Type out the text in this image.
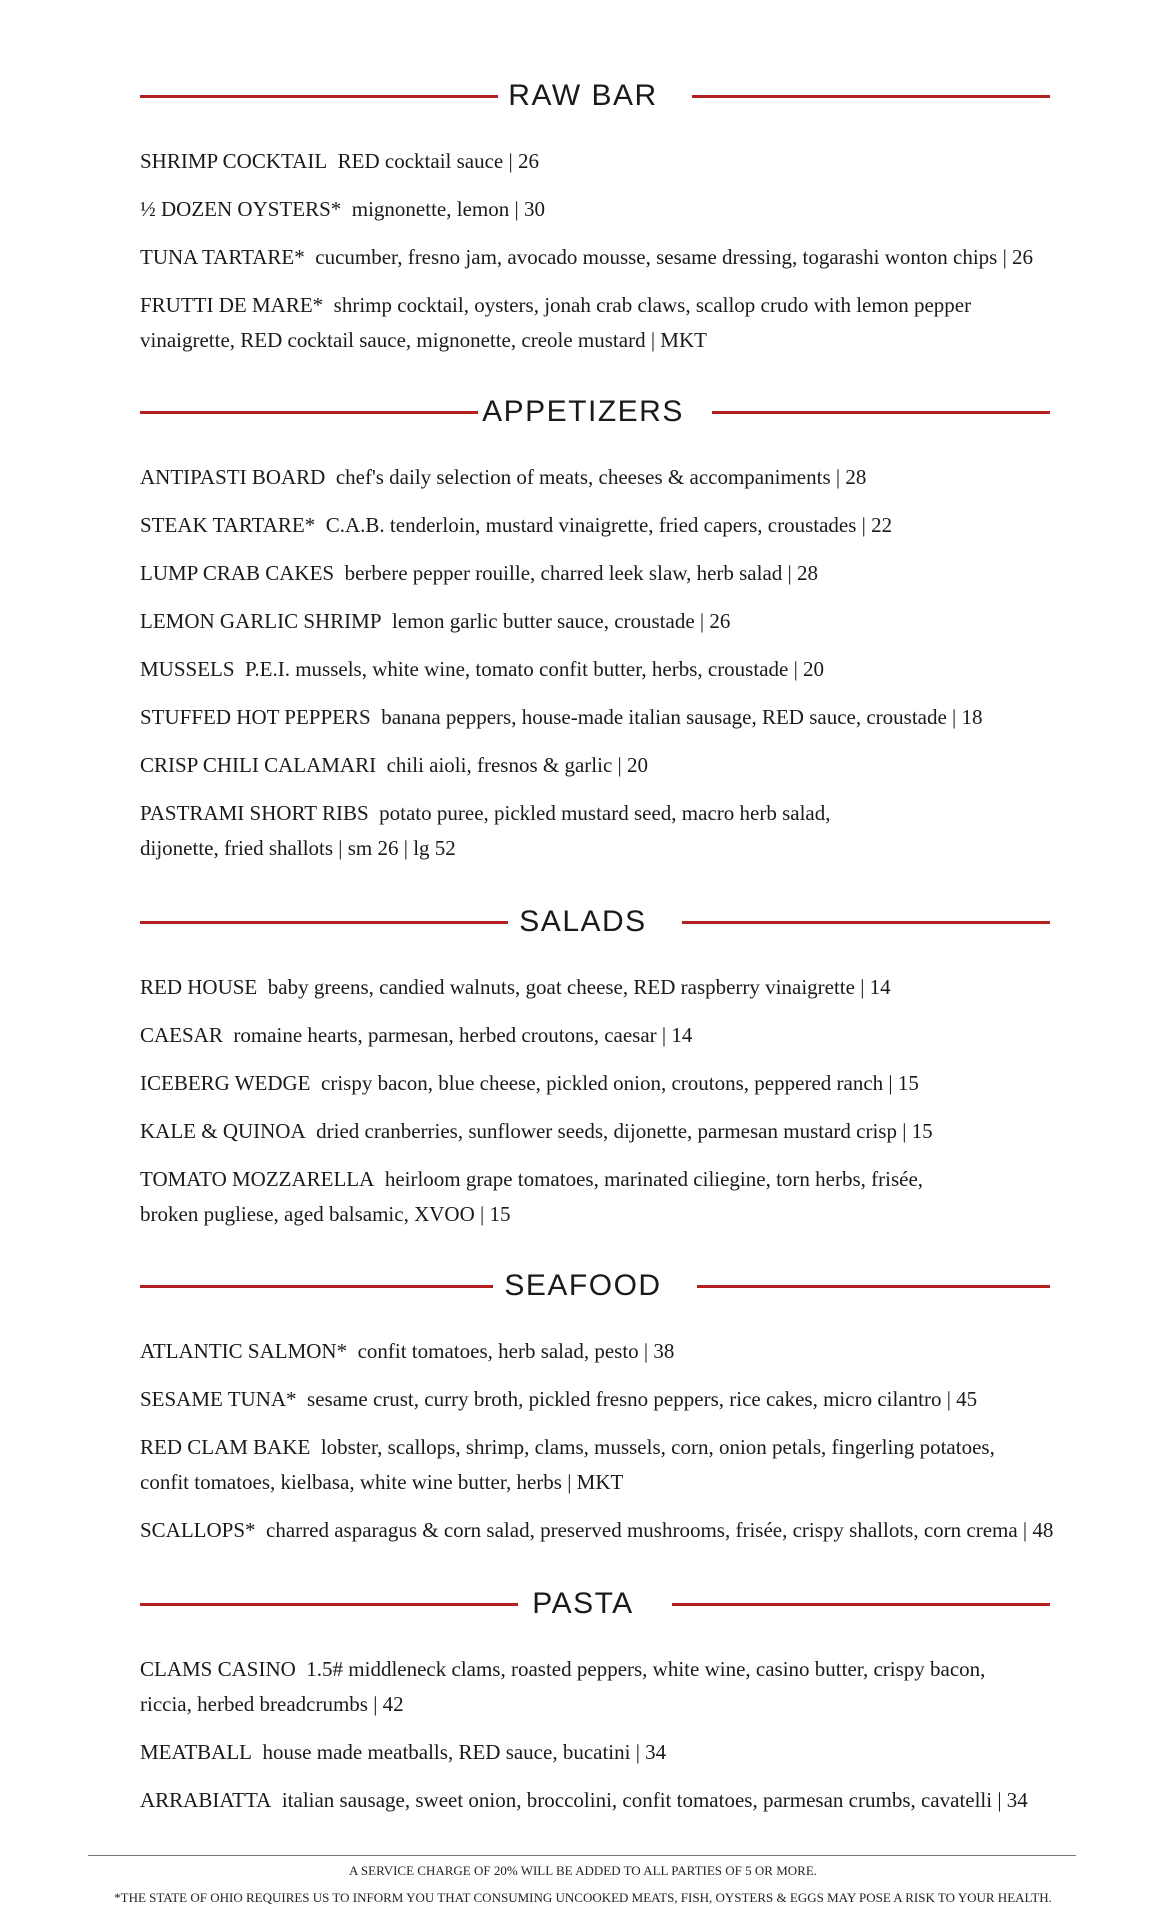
RAW BAR

SHRIMP COCKTAIL RED cocktail sauce | 26

½ DOZEN OYSTERS* mignonette, lemon | 30

TUNA TARTARE* cucumber, fresno jam, avocado mousse, sesame dressing, togarashi wonton chips | 26

FRUTTI DE MARE* shrimp cocktail, oysters, jonah crab claws, scallop crudo with lemon pepper
vinaigrette, RED cocktail sauce, mignonette, creole mustard | MKT

APPETIZERS

ANTIPASTI BOARD chef's daily selection of meats, cheeses & accompaniments | 28

STEAK TARTARE* C.A.B. tenderloin, mustard vinaigrette, fried capers, croustades | 22

LUMP CRAB CAKES berbere pepper rouille, charred leek slaw, herb salad | 28

LEMON GARLIC SHRIMP lemon garlic butter sauce, croustade | 26

MUSSELS P.E.I. mussels, white wine, tomato confit butter, herbs, croustade | 20

STUFFED HOT PEPPERS banana peppers, house-made italian sausage, RED sauce, croustade | 18

CRISP CHILI CALAMARI chili aioli, fresnos & garlic | 20

PASTRAMI SHORT RIBS potato puree, pickled mustard seed, macro herb salad,
dijonette, fried shallots | sm 26 | lg 52

SALADS

RED HOUSE baby greens, candied walnuts, goat cheese, RED raspberry vinaigrette | 14

CAESAR romaine hearts, parmesan, herbed croutons, caesar | 14

ICEBERG WEDGE crispy bacon, blue cheese, pickled onion, croutons, peppered ranch | 15

KALE & QUINOA dried cranberries, sunflower seeds, dijonette, parmesan mustard crisp | 15

TOMATO MOZZARELLA heirloom grape tomatoes, marinated ciliegine, torn herbs, frisée,
broken pugliese, aged balsamic, XVOO | 15

SEAFOOD

ATLANTIC SALMON* confit tomatoes, herb salad, pesto | 38

SESAME TUNA* sesame crust, curry broth, pickled fresno peppers, rice cakes, micro cilantro | 45

RED CLAM BAKE lobster, scallops, shrimp, clams, mussels, corn, onion petals, fingerling potatoes,
confit tomatoes, kielbasa, white wine butter, herbs | MKT

SCALLOPS* charred asparagus & corn salad, preserved mushrooms, frisée, crispy shallots, corn crema | 48

PASTA

CLAMS CASINO 1.5# middleneck clams, roasted peppers, white wine, casino butter, crispy bacon,
riccia, herbed breadcrumbs | 42

MEATBALL house made meatballs, RED sauce, bucatini | 34

ARRABIATTA italian sausage, sweet onion, broccolini, confit tomatoes, parmesan crumbs, cavatelli | 34

A SERVICE CHARGE OF 20% WILL BE ADDED TO ALL PARTIES OF 5 OR MORE.
*THE STATE OF OHIO REQUIRES US TO INFORM YOU THAT CONSUMING UNCOOKED MEATS, FISH, OYSTERS & EGGS MAY POSE A RISK TO YOUR HEALTH.
